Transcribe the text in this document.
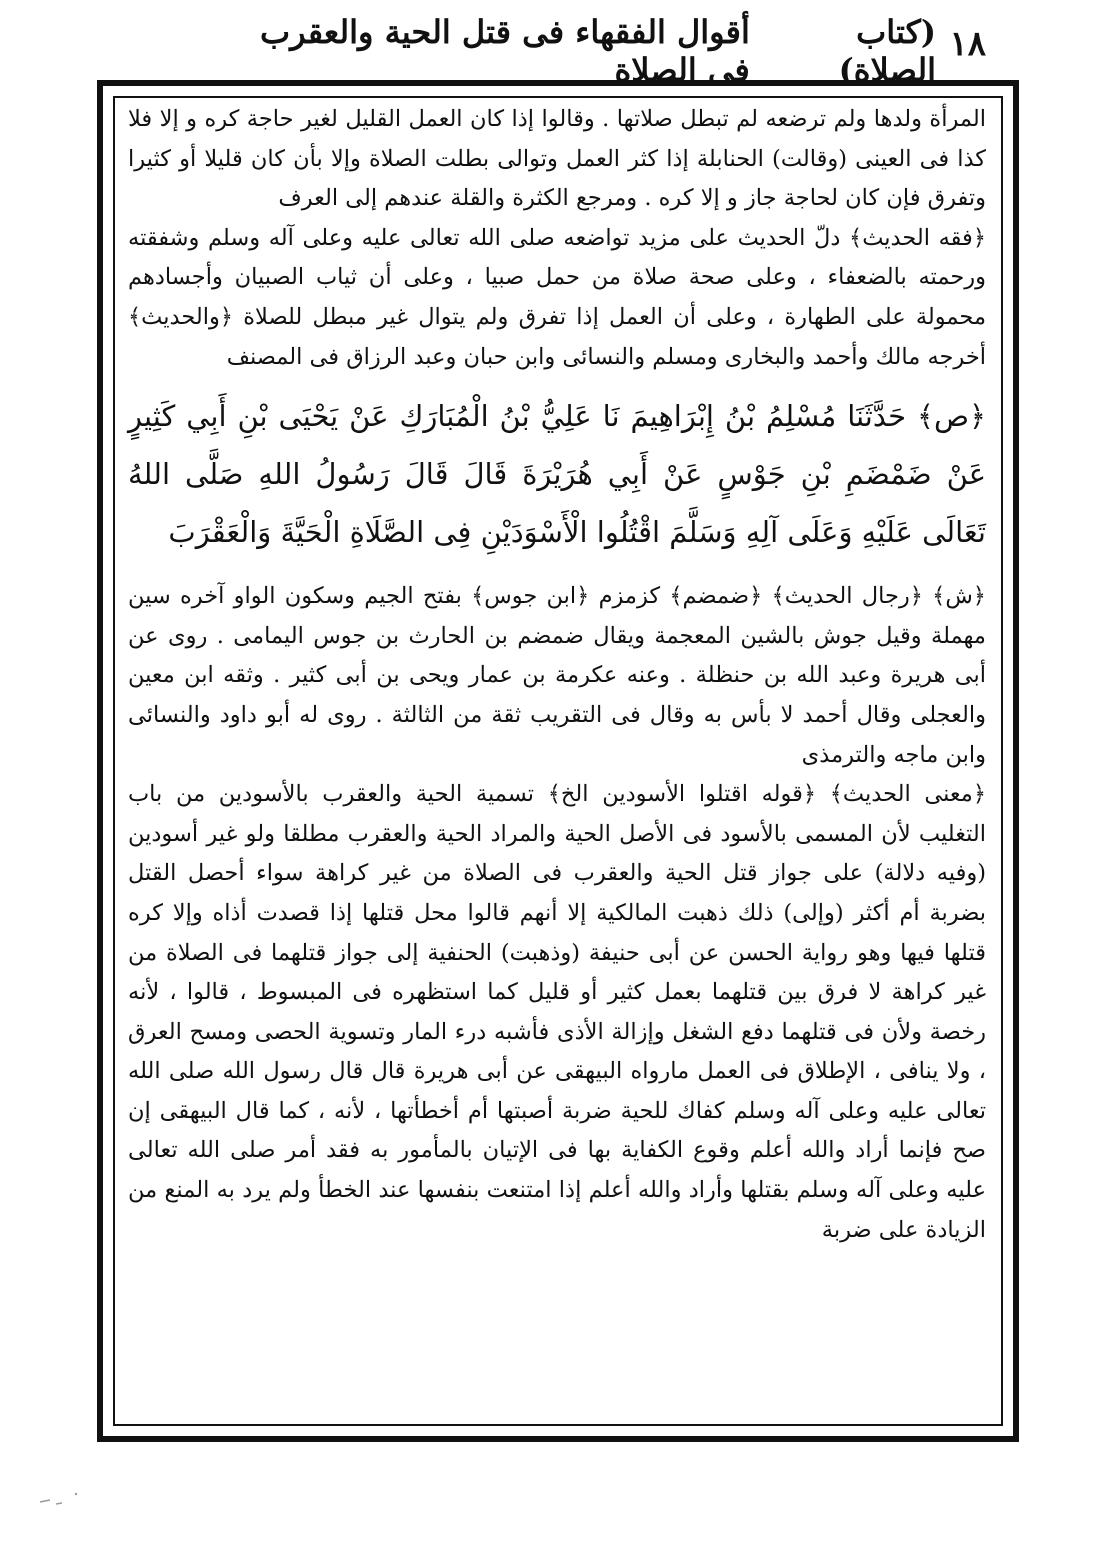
١٨
(كتاب الصلاة)
أقوال الفقهاء فى قتل الحية والعقرب فى الصلاة

المرأة ولدها ولم ترضعه لم تبطل صلاتها . وقالوا إذا كان العمل القليل لغير حاجة كره و إلا فلا كذا فى العينى (وقالت) الحنابلة إذا كثر العمل وتوالى بطلت الصلاة وإلا بأن كان قليلا أو كثيرا وتفرق فإن كان لحاجة جاز و إلا كره . ومرجع الكثرة والقلة عندهم إلى العرف

﴿فقه الحديث﴾ دلّ الحديث على مزيد تواضعه صلى الله تعالى عليه وعلى آله وسلم وشفقته ورحمته بالضعفاء ، وعلى صحة صلاة من حمل صبيا ، وعلى أن ثياب الصبيان وأجسادهم محمولة على الطهارة ، وعلى أن العمل إذا تفرق ولم يتوال غير مبطل للصلاة ﴿والحديث﴾ أخرجه مالك وأحمد والبخارى ومسلم والنسائى وابن حبان وعبد الرزاق فى المصنف

﴿ص﴾ حَدَّثَنَا مُسْلِمُ بْنُ إِبْرَاهِيمَ نَا عَلِيُّ بْنُ الْمُبَارَكِ عَنْ يَحْيَى بْنِ أَبِي كَثِيرٍ عَنْ ضَمْضَمِ بْنِ جَوْسٍ عَنْ أَبِي هُرَيْرَةَ قَالَ قَالَ رَسُولُ اللهِ صَلَّى اللهُ تَعَالَى عَلَيْهِ وَعَلَى آلِهِ وَسَلَّمَ اقْتُلُوا الْأَسْوَدَيْنِ فِى الصَّلَاةِ الْحَيَّةَ وَالْعَقْرَبَ

﴿ش﴾ ﴿رجال الحديث﴾ ﴿ضمضم﴾ كزمزم ﴿ابن جوس﴾ بفتح الجيم وسكون الواو آخره سين مهملة وقيل جوش بالشين المعجمة ويقال ضمضم بن الحارث بن جوس اليمامى . روى عن أبى هريرة وعبد الله بن حنظلة . وعنه عكرمة بن عمار ويحى بن أبى كثير . وثقه ابن معين والعجلى وقال أحمد لا بأس به وقال فى التقريب ثقة من الثالثة . روى له أبو داود والنسائى وابن ماجه والترمذى

﴿معنى الحديث﴾ ﴿قوله اقتلوا الأسودين الخ﴾ تسمية الحية والعقرب بالأسودين من باب التغليب لأن المسمى بالأسود فى الأصل الحية والمراد الحية والعقرب مطلقا ولو غير أسودين (وفيه دلالة) على جواز قتل الحية والعقرب فى الصلاة من غير كراهة سواء أحصل القتل بضربة أم أكثر (وإلى) ذلك ذهبت المالكية إلا أنهم قالوا محل قتلها إذا قصدت أذاه وإلا كره قتلها فيها وهو رواية الحسن عن أبى حنيفة (وذهبت) الحنفية إلى جواز قتلهما فى الصلاة من غير كراهة لا فرق بين قتلهما بعمل كثير أو قليل كما استظهره فى المبسوط ، قالوا ، لأنه رخصة ولأن فى قتلهما دفع الشغل وإزالة الأذى فأشبه درء المار وتسوية الحصى ومسح العرق ، ولا ينافى ، الإطلاق فى العمل مارواه البيهقى عن أبى هريرة قال قال رسول الله صلى الله تعالى عليه وعلى آله وسلم كفاك للحية ضربة أصبتها أم أخطأتها ، لأنه ، كما قال البيهقى إن صح فإنما أراد والله أعلم وقوع الكفاية بها فى الإتيان بالمأمور به فقد أمر صلى الله تعالى عليه وعلى آله وسلم بقتلها وأراد والله أعلم إذا امتنعت بنفسها عند الخطأ ولم يرد به المنع من الزيادة على ضربة
